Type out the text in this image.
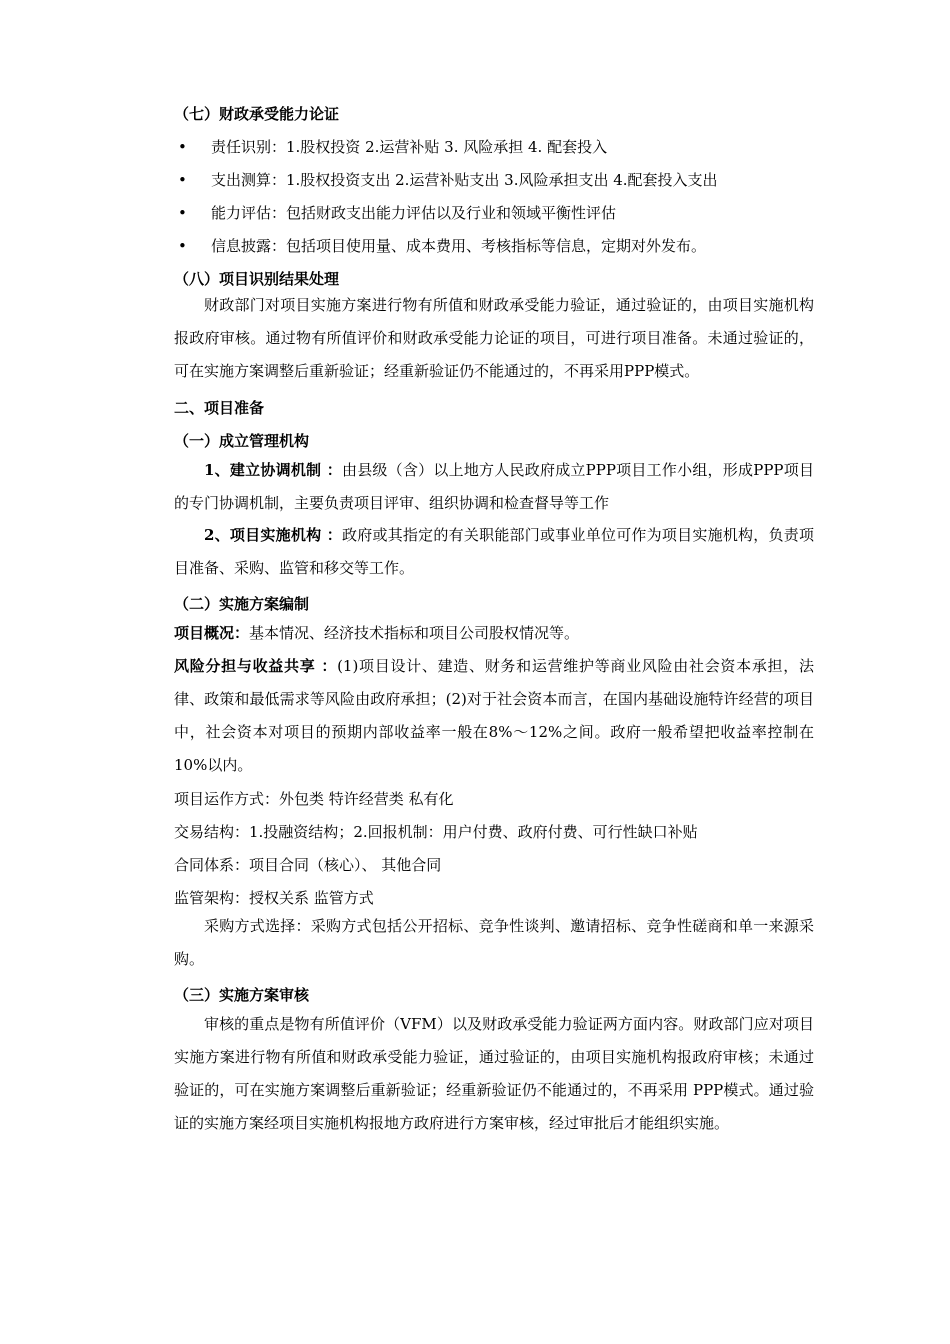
（七）财政承受能力论证
• 责任识别：1.股权投资 2.运营补贴 3. 风险承担 4. 配套投入
• 支出测算：1.股权投资支出 2.运营补贴支出 3.风险承担支出 4.配套投入支出
• 能力评估：包括财政支出能力评估以及行业和领域平衡性评估
• 信息披露：包括项目使用量、成本费用、考核指标等信息，定期对外发布。
（八）项目识别结果处理
财政部门对项目实施方案进行物有所值和财政承受能力验证，通过验证的，由项目实施机构报政府审核。通过物有所值评价和财政承受能力论证的项目，可进行项目准备。未通过验证的，可在实施方案调整后重新验证；经重新验证仍不能通过的，不再采用PPP模式。
二、项目准备
（一）成立管理机构
1、建立协调机制 ：由县级（含）以上地方人民政府成立PPP项目工作小组，形成PPP项目的专门协调机制，主要负责项目评审、组织协调和检查督导等工作
2、项目实施机构 ：政府或其指定的有关职能部门或事业单位可作为项目实施机构，负责项目准备、采购、监管和移交等工作。
（二）实施方案编制
项目概况：基本情况、经济技术指标和项目公司股权情况等。
风险分担与收益共享 ：(1)项目设计、建造、财务和运营维护等商业风险由社会资本承担，法律、政策和最低需求等风险由政府承担；(2)对于社会资本而言，在国内基础设施特许经营的项目中，社会资本对项目的预期内部收益率一般在8%～12%之间。政府一般希望把收益率控制在10%以内。
项目运作方式：外包类 特许经营类 私有化
交易结构：1.投融资结构；2.回报机制：用户付费、政府付费、可行性缺口补贴
合同体系：项目合同（核心）、 其他合同
监管架构：授权关系 监管方式
采购方式选择：采购方式包括公开招标、竞争性谈判、邀请招标、竞争性磋商和单一来源采购。
（三）实施方案审核
审核的重点是物有所值评价（VFM）以及财政承受能力验证两方面内容。财政部门应对项目实施方案进行物有所值和财政承受能力验证，通过验证的，由项目实施机构报政府审核；未通过验证的，可在实施方案调整后重新验证；经重新验证仍不能通过的，不再采用 PPP模式。通过验证的实施方案经项目实施机构报地方政府进行方案审核，经过审批后才能组织实施。
